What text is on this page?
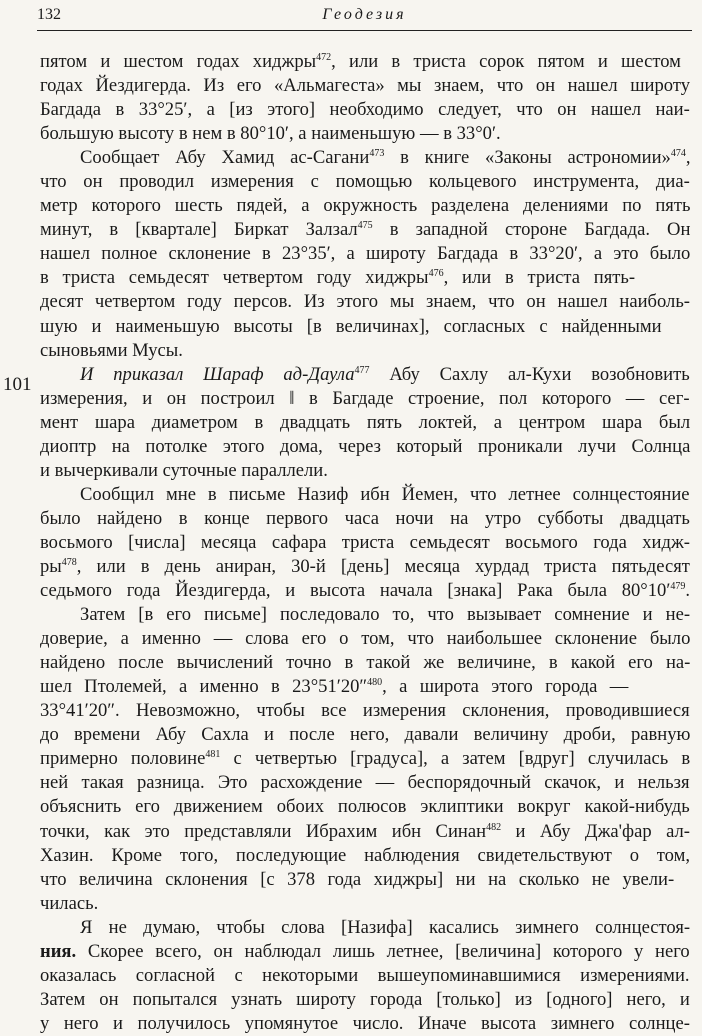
132	Геодезия
101
пятом и шестом годах хиджры$^{472}$, или в триста сорок пятом и шестом
годах Йездигерда. Из его «Альмагеста» мы знаем, что он нашел широту
Багдада в 33°25′, а [из этого] необходимо следует, что он нашел наи-
большую высоту в нем в 80°10′, а наименьшую — в 33°0′.
Сообщает Абу Хамид ас-Сагани$^{473}$ в книге «Законы астрономии»$^{474}$,
что он проводил измерения с помощью кольцевого инструмента, диа-
метр которого шесть пядей, а окружность разделена делениями по пять
минут, в [квартале] Биркат Залзал$^{475}$ в западной стороне Багдада. Он
нашел полное склонение в 23°35′, а широту Багдада в 33°20′, а это было
в триста семьдесят четвертом году хиджры$^{476}$, или в триста пять-
десят четвертом году персов. Из этого мы знаем, что он нашел наиболь-
шую и наименьшую высоты [в величинах], согласных с найденными
сыновьями Мусы.
И приказал Шараф ад-Даула$^{477}$ Абу Сахлу ал-Кухи возобновить
измерения, и он построил ‖ в Багдаде строение, пол которого — сег-
мент шара диаметром в двадцать пять локтей, а центром шара был
диоптр на потолке этого дома, через который проникали лучи Солнца
и вычеркивали суточные параллели.
Сообщил мне в письме Назиф ибн Йемен, что летнее солнцестояние
было найдено в конце первого часа ночи на утро субботы двадцать
восьмого [числа] месяца сафара триста семьдесят восьмого года хидж-
$ры^{478}$, или в день аниран, 30-й [день] месяца хурдад триста пятьдесят
седьмого года Йездигерда, и высота начала [знака] Рака была $80^\circ 10'^{479}$.
Затем [в его письме] последовало то, что вызывает сомнение и не-
доверие, а именно — слова его о том, что наибольшее склонение было
найдено после вычислений точно в такой же величине, в какой его на-
шел Птолемей, а именно в 23°51′20″$^{480}$, а широта этого города —
33°41′20″. Невозможно, чтобы все измерения склонения, проводившиеся
до времени Абу Сахла и после него, давали величину дроби, равную
примерно половине$^{481}$ с четвертью [градуса], а затем [вдруг] случилась в
ней такая разница. Это расхождение — беспорядочный скачок, и нельзя
объяснить его движением обоих полюсов эклиптики вокруг какой-нибудь
точки, как это представляли Ибрахим ибн Синан$^{482}$ и Абу Джа'фар ал-
Хазин. Кроме того, последующие наблюдения свидетельствуют о том,
что величина склонения [с 378 года хиджры] ни на сколько не увели-
чилась.
Я не думаю, чтобы слова [Назифа] касались зимнего солнцестоя-
ния. Скорее всего, он наблюдал лишь летнее, [величина] которого у него
оказалась согласной с некоторыми вышеупоминавшимися измерениями.
Затем он попытался узнать широту города [только] из [одного] него, и
у него и получилось упомянутое число. Иначе высота зимнего солнце-
